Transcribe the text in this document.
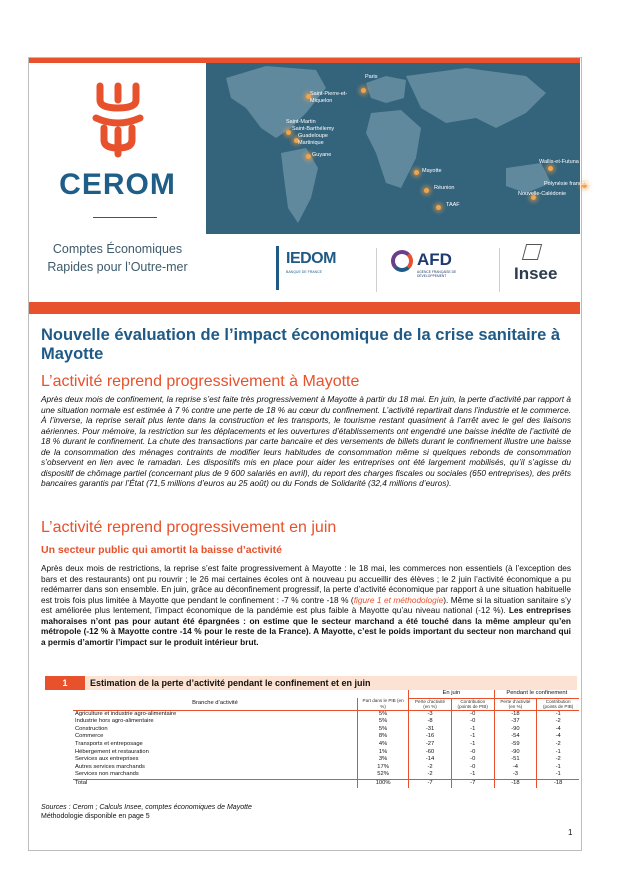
CEROM
Comptes Économiques
Rapides pour l’Outre-mer
Paris
Saint-Pierre-et-Miquelon
Saint-Martin
Saint-Barthélemy
Guadeloupe
Martinique
Guyane
Mayotte
Réunion
TAAF
Wallis-et-Futuna
Polynésie française
Nouvelle-Calédonie
IEDOM
BANQUE DE FRANCE
AFD
AGENCE FRANÇAISE DE DÉVELOPPEMENT	Insee
Nouvelle évaluation de l’impact économique de la crise sanitaire à Mayotte
L’activité reprend progressivement à Mayotte
Après deux mois de confinement, la reprise s’est faite très progressivement à Mayotte à partir du 18 mai. En juin, la perte d’activité par rapport à une situation normale est estimée à 7 % contre une perte de 18 % au cœur du confinement. L’activité repartirait dans l’industrie et le commerce. À l’inverse, la reprise serait plus lente dans la construction et les transports, le tourisme restant quasiment à l’arrêt avec le gel des liaisons aériennes. Pour mémoire, la restriction sur les déplacements et les ouvertures d’établissements ont engendré une baisse inédite de l’activité de 18 % durant le confinement. La chute des transactions par carte bancaire et des versements de billets durant le confinement illustre une baisse de la consommation des ménages contraints de modifier leurs habitudes de consommation même si quelques rebonds de consommation s’observent en lien avec le ramadan. Les dispositifs mis en place pour aider les entreprises ont été largement mobilisés, qu’il s’agisse du dispositif de chômage partiel (concernant plus de 9 600 salariés en avril), du report des charges fiscales ou sociales (650 entreprises), des prêts bancaires garantis par l’État (71,5 millions d’euros au 25 août) ou du Fonds de Solidarité (32,4 millions d’euros).
L’activité reprend progressivement en juin
Un secteur public qui amortit la baisse d’activité
Après deux mois de restrictions, la reprise s’est faite progressivement à Mayotte : le 18 mai, les commerces non essentiels (à l’exception des bars et des restaurants) ont pu rouvrir ; le 26 mai certaines écoles ont à nouveau pu accueillir des élèves ; le 2 juin l’activité économique a pu redémarrer dans son ensemble. En juin, grâce au déconfinement progressif, la perte d’activité économique par rapport à une situation habituelle est trois fois plus limitée à Mayotte que pendant le confinement : -7 % contre -18 % (figure 1 et méthodologie). Même si la situation sanitaire s’y est améliorée plus lentement, l’impact économique de la pandémie est plus faible à Mayotte qu’au niveau national (-12 %). Les entreprises mahoraises n’ont pas pour autant été épargnées : on estime que le secteur marchand a été touché dans la même ampleur qu’en métropole (-12 % à Mayotte contre -14 % pour le reste de la France). A Mayotte, c’est le poids important du secteur non marchand qui a permis d’amortir l’impact sur le produit intérieur brut.
1	Estimation de la perte d’activité pendant le confinement et en juin
		En juin		Pendant le confinement	
Branche d’activité	Part dans le PIB (en %)	Perte d’activité (en %)	Contribution (points de PIB)	Perte d’activité (en %)	Contribution (points de PIB)
Agriculture et industrie agro-alimentaire	5%	-3	-0	-18	-1
Industrie hors agro-alimentaire	5%	-8	-0	-37	-2
Construction	5%	-31	-1	-90	-4
Commerce	8%	-16	-1	-54	-4
Transports et entreposage	4%	-27	-1	-59	-2
Hébergement et restauration	1%	-60	-0	-90	-1
Services aux entreprises	3%	-14	-0	-51	-2
Autres services marchands	17%	-2	-0	-4	-1
Services non marchands	52%	-2	-1	-3	-1
Total	100%	-7	-7	-18	-18
Sources : Cerom ; Calculs Insee, comptes économiques de Mayotte
Méthodologie disponible en page 5
1
